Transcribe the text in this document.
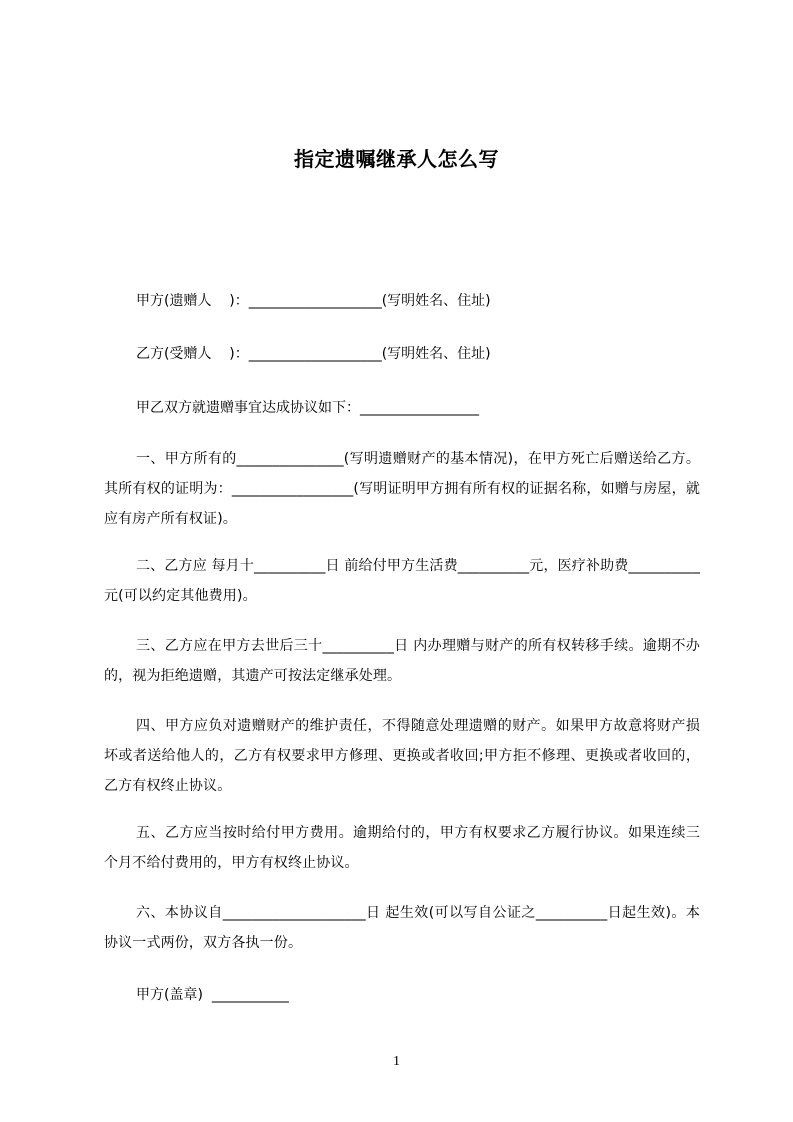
指定遗嘱继承人怎么写
甲方(遗赠人    )：___________________(写明姓名、住址)
乙方(受赠人    )：___________________(写明姓名、住址)
甲乙双方就遗赠事宜达成协议如下：_________________
一、甲方所有的_______________(写明遗赠财产的基本情况)，在甲方死亡后赠送给乙方。其所有权的证明为：_________________(写明证明甲方拥有所有权的证据名称，如赠与房屋，就应有房产所有权证)。
二、乙方应 每月十__________日 前给付甲方生活费__________元，医疗补助费__________元(可以约定其他费用)。
三、乙方应在甲方去世后三十__________日 内办理赠与财产的所有权转移手续。逾期不办的，视为拒绝遗赠，其遗产可按法定继承处理。
四、甲方应负对遗赠财产的维护责任，不得随意处理遗赠的财产。如果甲方故意将财产损坏或者送给他人的，乙方有权要求甲方修理、更换或者收回;甲方拒不修理、更换或者收回的，乙方有权终止协议。
五、乙方应当按时给付甲方费用。逾期给付的，甲方有权要求乙方履行协议。如果连续三个月不给付费用的，甲方有权终止协议。
六、本协议自____________________日 起生效(可以写自公证之__________日起生效)。本协议一式两份，双方各执一份。
甲方(盖章)  ___________
1
